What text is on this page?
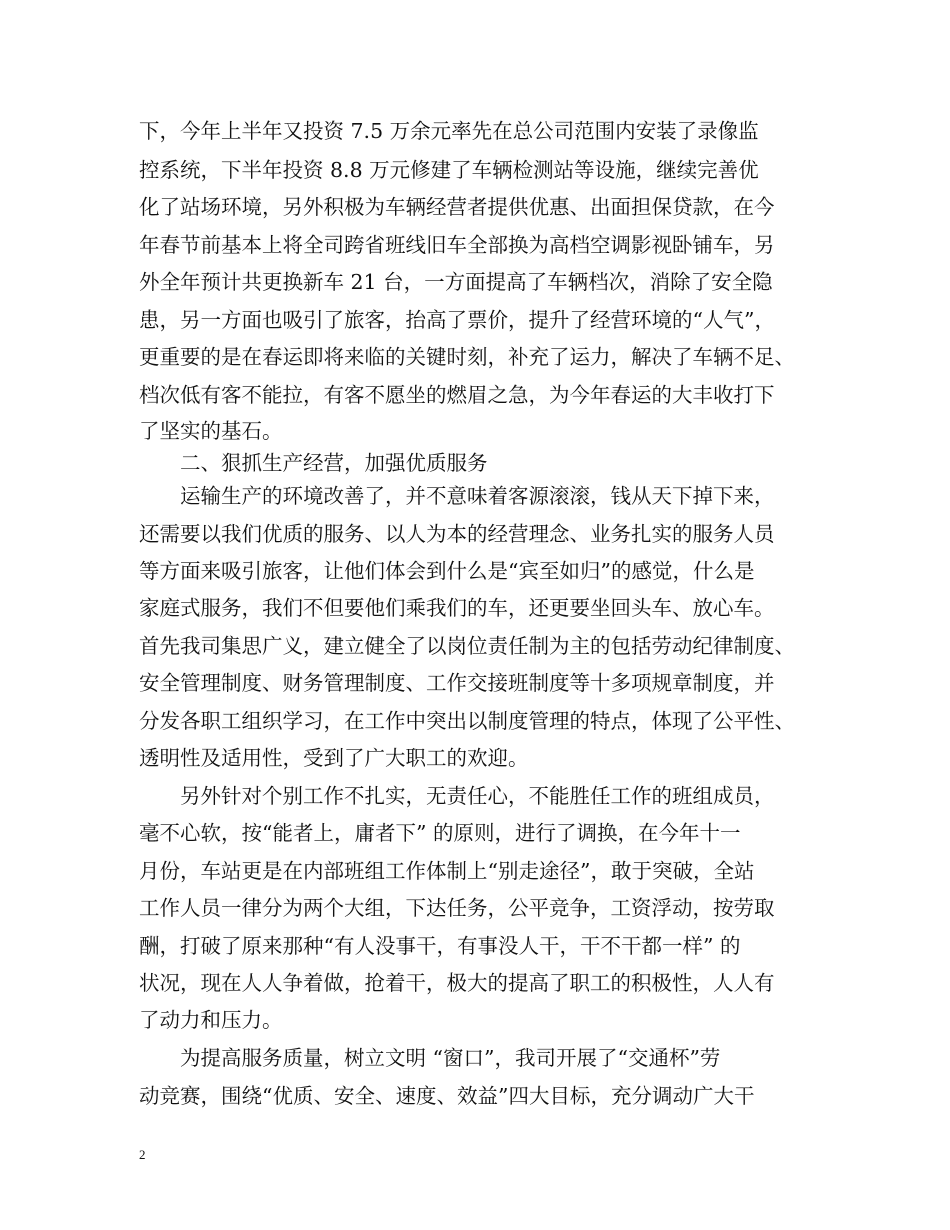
下，今年上半年又投资 7.5 万余元率先在总公司范围内安装了录像监
控系统，下半年投资 8.8 万元修建了车辆检测站等设施，继续完善优
化了站场环境，另外积极为车辆经营者提供优惠、出面担保贷款，在今
年春节前基本上将全司跨省班线旧车全部换为高档空调影视卧铺车，另
外全年预计共更换新车 21 台，一方面提高了车辆档次，消除了安全隐
患，另一方面也吸引了旅客，抬高了票价，提升了经营环境的“人气”，
更重要的是在春运即将来临的关键时刻，补充了运力，解决了车辆不足、
档次低有客不能拉，有客不愿坐的燃眉之急，为今年春运的大丰收打下
了坚实的基石。
　　二、狠抓生产经营，加强优质服务
　　运输生产的环境改善了，并不意味着客源滚滚，钱从天下掉下来，
还需要以我们优质的服务、以人为本的经营理念、业务扎实的服务人员
等方面来吸引旅客，让他们体会到什么是“宾至如归”的感觉，什么是
家庭式服务，我们不但要他们乘我们的车，还更要坐回头车、放心车。
首先我司集思广义，建立健全了以岗位责任制为主的包括劳动纪律制度、
安全管理制度、财务管理制度、工作交接班制度等十多项规章制度，并
分发各职工组织学习，在工作中突出以制度管理的特点，体现了公平性、
透明性及适用性，受到了广大职工的欢迎。
　　另外针对个别工作不扎实，无责任心，不能胜任工作的班组成员，
毫不心软，按“能者上，庸者下” 的原则，进行了调换，在今年十一
月份，车站更是在内部班组工作体制上“别走途径”，敢于突破，全站
工作人员一律分为两个大组，下达任务，公平竞争，工资浮动，按劳取
酬，打破了原来那种“有人没事干，有事没人干，干不干都一样” 的
状况，现在人人争着做，抢着干，极大的提高了职工的积极性，人人有
了动力和压力。
　　为提高服务质量，树立文明 “窗口”，我司开展了“交通杯”劳
动竞赛，围绕“优质、安全、速度、效益”四大目标，充分调动广大干
2
